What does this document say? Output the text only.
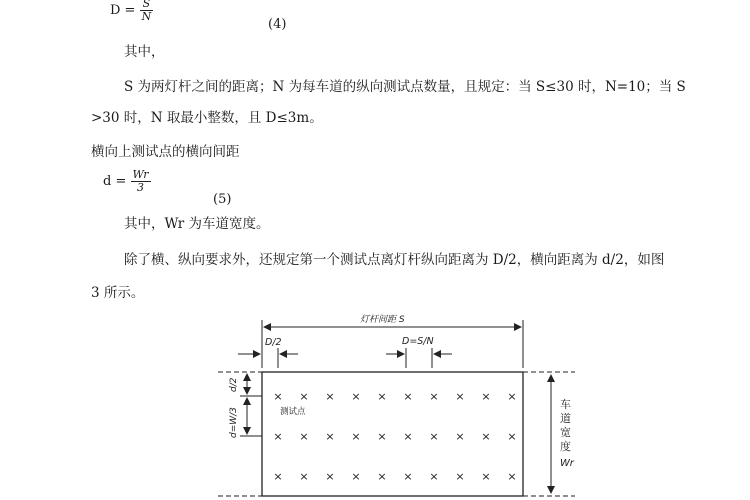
$D = \frac{S}{N}$
(4)
其中，
S 为两灯杆之间的距离；N 为每车道的纵向测试点数量，且规定：当 S≤30 时，N=10；当 S
>30 时，N 取最小整数，且 D≤3m。
横向上测试点的横向间距
$d = \frac{Wr}{3}$
(5)
其中，Wr 为车道宽度。
除了横、纵向要求外，还规定第一个测试点离灯杆纵向距离为 D/2，横向距离为 d/2，如图
3 所示。
灯杆间距 S
D/2	D=S/N
d/2
d=W/3
车
道
宽
度
Wr
测试点
× × × × × × × × × ×
× × × × × × × × × ×
× × × × × × × × × ×
